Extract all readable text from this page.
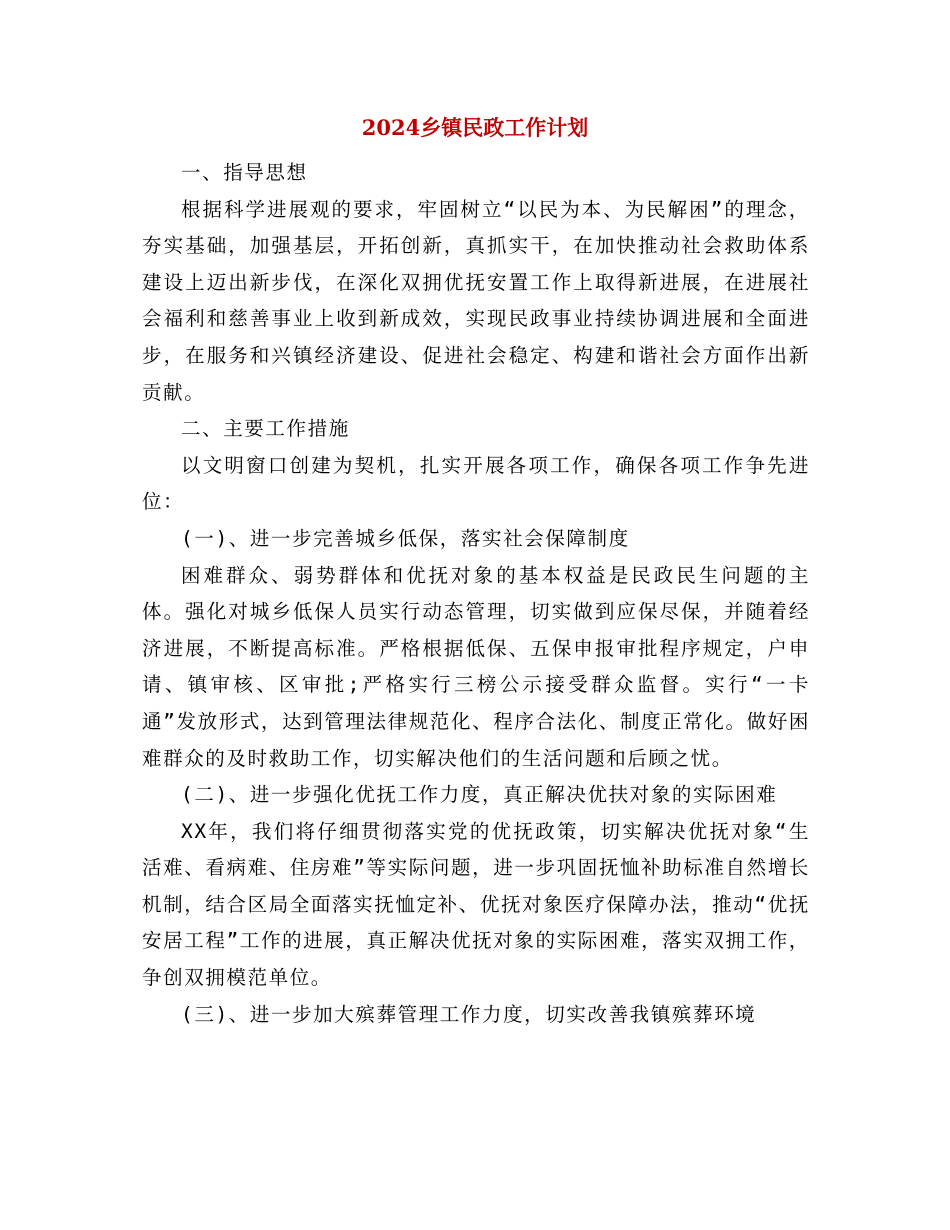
2024乡镇民政工作计划

一、指导思想

根据科学进展观的要求，牢固树立“以民为本、为民解困”的理念，夯实基础，加强基层，开拓创新，真抓实干，在加快推动社会救助体系建设上迈出新步伐，在深化双拥优抚安置工作上取得新进展，在进展社会福利和慈善事业上收到新成效，实现民政事业持续协调进展和全面进步，在服务和兴镇经济建设、促进社会稳定、构建和谐社会方面作出新贡献。

二、主要工作措施

以文明窗口创建为契机，扎实开展各项工作，确保各项工作争先进位：

(一)、进一步完善城乡低保，落实社会保障制度

困难群众、弱势群体和优抚对象的基本权益是民政民生问题的主体。强化对城乡低保人员实行动态管理，切实做到应保尽保，并随着经济进展，不断提高标准。严格根据低保、五保申报审批程序规定，户申请、镇审核、区审批;严格实行三榜公示接受群众监督。实行“一卡通”发放形式，达到管理法律规范化、程序合法化、制度正常化。做好困难群众的及时救助工作，切实解决他们的生活问题和后顾之忧。

(二)、进一步强化优抚工作力度，真正解决优扶对象的实际困难

XX年，我们将仔细贯彻落实党的优抚政策，切实解决优抚对象“生活难、看病难、住房难”等实际问题，进一步巩固抚恤补助标准自然增长机制，结合区局全面落实抚恤定补、优抚对象医疗保障办法，推动“优抚安居工程”工作的进展，真正解决优抚对象的实际困难，落实双拥工作，争创双拥模范单位。

(三)、进一步加大殡葬管理工作力度，切实改善我镇殡葬环境
